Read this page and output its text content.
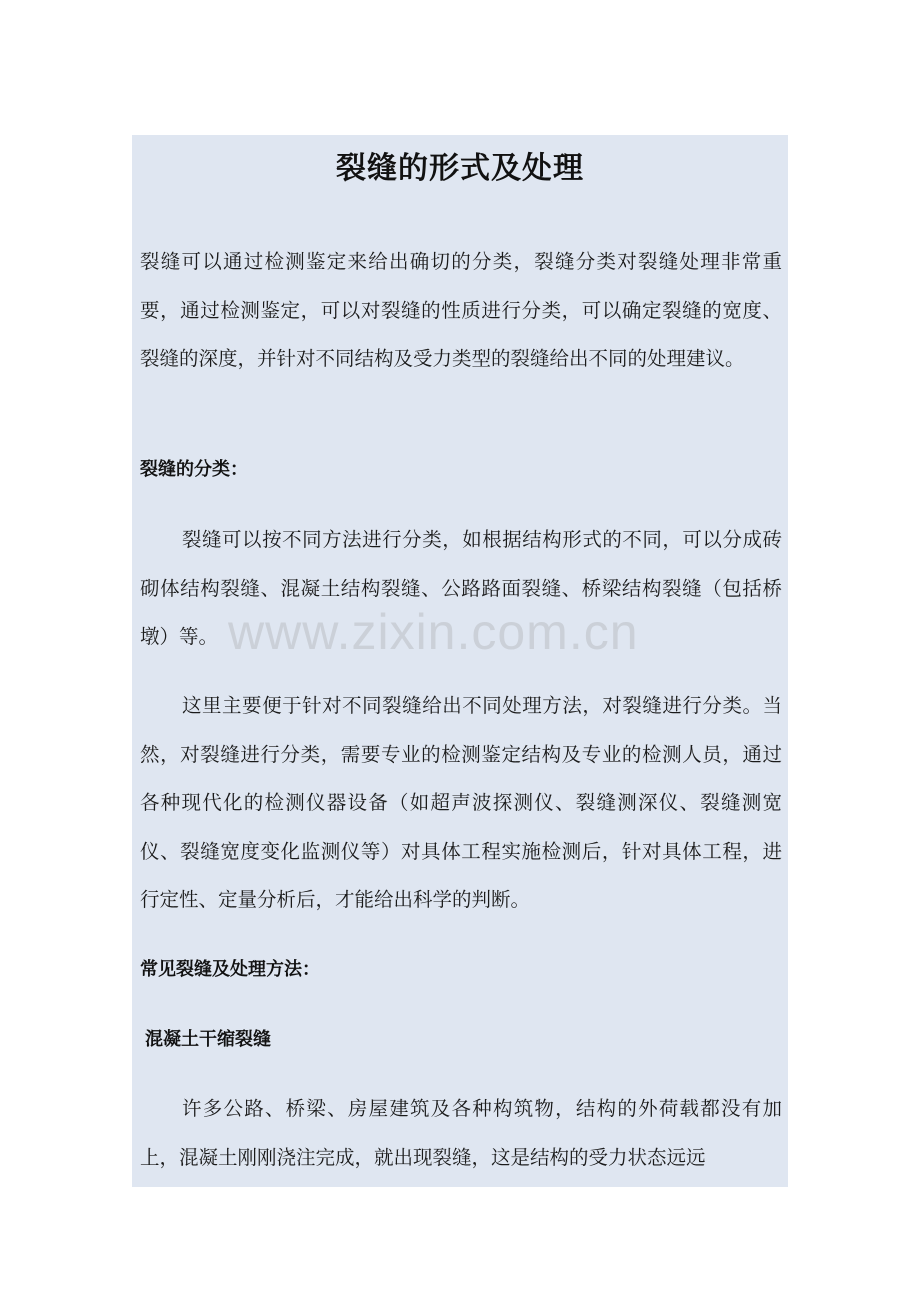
裂缝的形式及处理

裂缝可以通过检测鉴定来给出确切的分类，裂缝分类对裂缝处理非常重要，通过检测鉴定，可以对裂缝的性质进行分类，可以确定裂缝的宽度、裂缝的深度，并针对不同结构及受力类型的裂缝给出不同的处理建议。

裂缝的分类：

裂缝可以按不同方法进行分类，如根据结构形式的不同，可以分成砖砌体结构裂缝、混凝土结构裂缝、公路路面裂缝、桥梁结构裂缝（包括桥墩）等。

这里主要便于针对不同裂缝给出不同处理方法，对裂缝进行分类。当然，对裂缝进行分类，需要专业的检测鉴定结构及专业的检测人员，通过各种现代化的检测仪器设备（如超声波探测仪、裂缝测深仪、裂缝测宽仪、裂缝宽度变化监测仪等）对具体工程实施检测后，针对具体工程，进行定性、定量分析后，才能给出科学的判断。

常见裂缝及处理方法：

混凝土干缩裂缝

许多公路、桥梁、房屋建筑及各种构筑物，结构的外荷载都没有加上，混凝土刚刚浇注完成，就出现裂缝，这是结构的受力状态远远

www.zixin.com.cn
